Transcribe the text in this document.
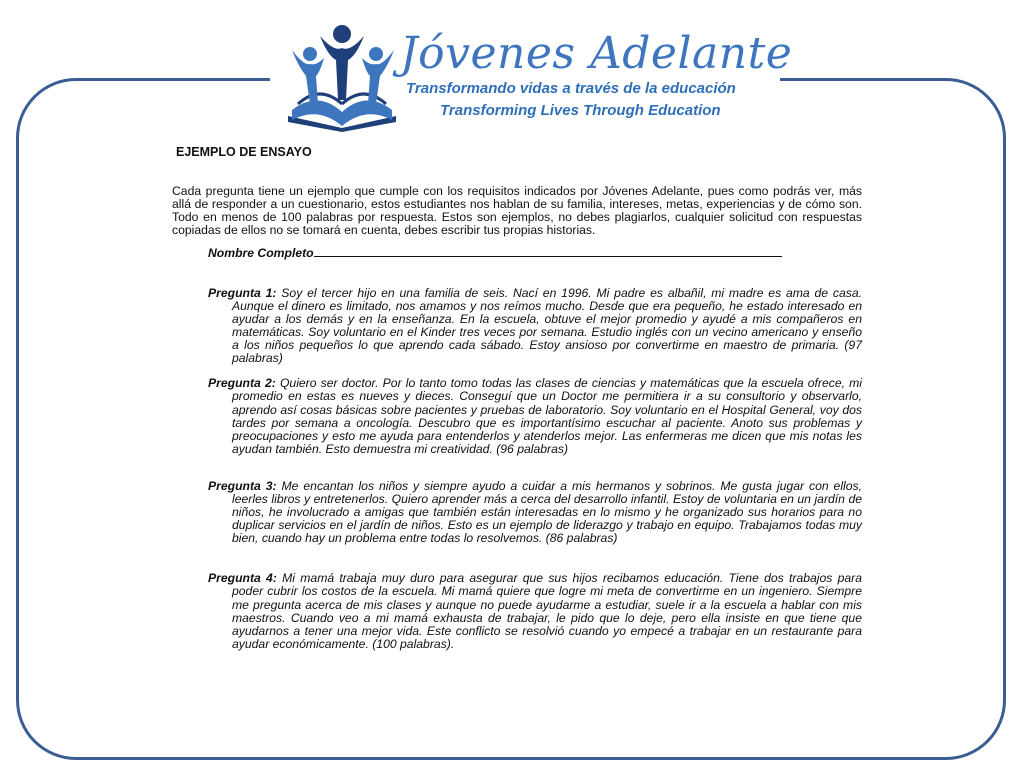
Jóvenes Adelante
Transformando vidas a través de la educación
Transforming Lives Through Education
EJEMPLO DE ENSAYO

Cada pregunta tiene un ejemplo que cumple con los requisitos indicados por Jóvenes Adelante, pues como podrás ver, más allá de responder a un cuestionario, estos estudiantes nos hablan de su familia, intereses, metas, experiencias y de cómo son. Todo en menos de 100 palabras por respuesta. Estos son ejemplos, no debes plagiarlos, cualquier solicitud con respuestas copiadas de ellos no se tomará en cuenta, debes escribir tus propias historias.

Nombre Completo

Pregunta 1: Soy el tercer hijo en una familia de seis. Nací en 1996. Mi padre es albañil, mi madre es ama de casa. Aunque el dinero es limitado, nos amamos y nos reímos mucho. Desde que era pequeño, he estado interesado en ayudar a los demás y en la enseñanza. En la escuela, obtuve el mejor promedio y ayudé a mis compañeros en matemáticas. Soy voluntario en el Kinder tres veces por semana. Estudio inglés con un vecino americano y enseño a los niños pequeños lo que aprendo cada sábado. Estoy ansioso por convertirme en maestro de primaria. (97 palabras)

Pregunta 2: Quiero ser doctor. Por lo tanto tomo todas las clases de ciencias y matemáticas que la escuela ofrece, mi promedio en estas es nueves y dieces. Conseguí que un Doctor me permitiera ir a su consultorio y observarlo, aprendo así cosas básicas sobre pacientes y pruebas de laboratorio. Soy voluntario en el Hospital General, voy dos tardes por semana a oncología. Descubro que es importantísimo escuchar al paciente. Anoto sus problemas y preocupaciones y esto me ayuda para entenderlos y atenderlos mejor. Las enfermeras me dicen que mis notas les ayudan también. Esto demuestra mi creatividad. (96 palabras)

Pregunta 3: Me encantan los niños y siempre ayudo a cuidar a mis hermanos y sobrinos. Me gusta jugar con ellos, leerles libros y entretenerlos. Quiero aprender más a cerca del desarrollo infantil. Estoy de voluntaria en un jardín de niños, he involucrado a amigas que también están interesadas en lo mismo y he organizado sus horarios para no duplicar servicios en el jardín de niños. Esto es un ejemplo de liderazgo y trabajo en equipo. Trabajamos todas muy bien, cuando hay un problema entre todas lo resolvemos. (86 palabras)

Pregunta 4: Mi mamá trabaja muy duro para asegurar que sus hijos recibamos educación. Tiene dos trabajos para poder cubrir los costos de la escuela. Mi mamá quiere que logre mi meta de convertirme en un ingeniero. Siempre me pregunta acerca de mis clases y aunque no puede ayudarme a estudiar, suele ir a la escuela a hablar con mis maestros. Cuando veo a mi mamá exhausta de trabajar, le pido que lo deje, pero ella insiste en que tiene que ayudarnos a tener una mejor vida. Este conflicto se resolvió cuando yo empecé a trabajar en un restaurante para ayudar económicamente. (100 palabras).
